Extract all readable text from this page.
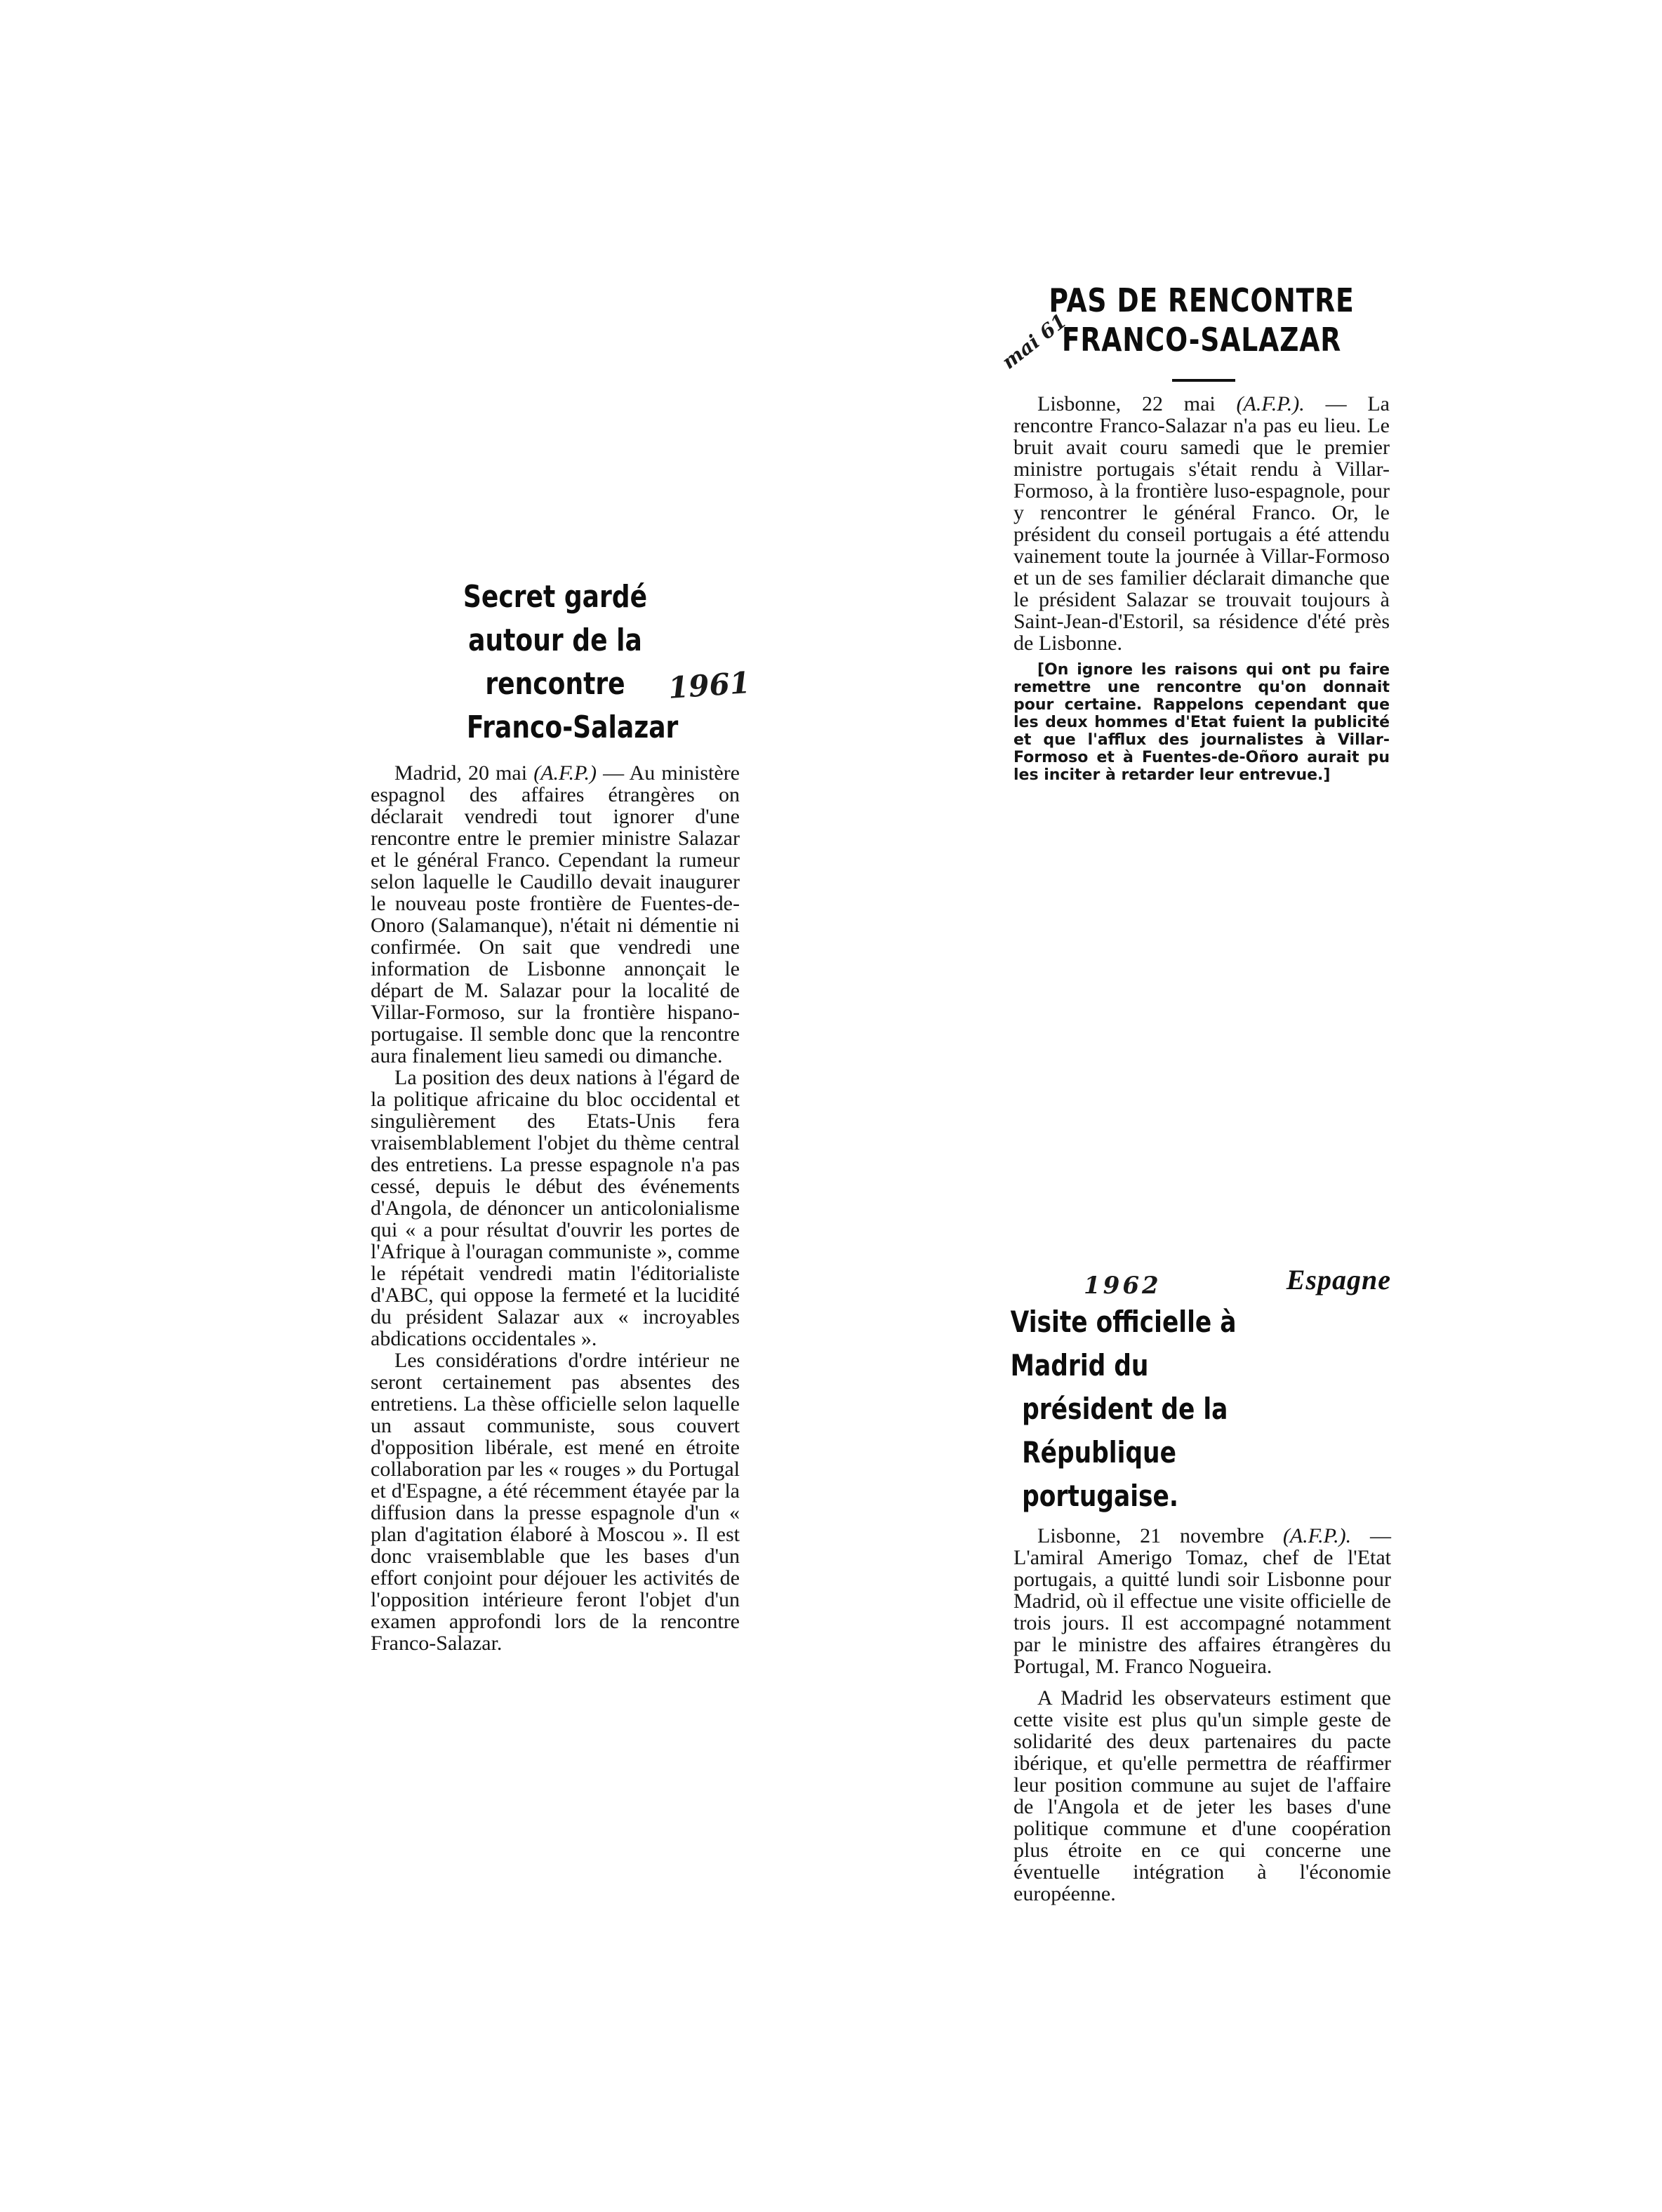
Secret gardé
autour de la rencontre
Franco-Salazar

Madrid, 20 mai (A.F.P.) — Au ministère espagnol des affaires étrangères on déclarait vendredi tout ignorer d'une rencontre entre le premier ministre Salazar et le général Franco. Cependant la rumeur selon laquelle le Caudillo devait inaugurer le nouveau poste frontière de Fuentes-de-Onoro (Salamanque), n'était ni démentie ni confirmée. On sait que vendredi une information de Lisbonne annonçait le départ de M. Salazar pour la localité de Villar-Formoso, sur la frontière hispano-portugaise. Il semble donc que la rencontre aura finalement lieu samedi ou dimanche.

La position des deux nations à l'égard de la politique africaine du bloc occidental et singulièrement des Etats-Unis fera vraisemblablement l'objet du thème central des entretiens. La presse espagnole n'a pas cessé, depuis le début des événements d'Angola, de dénoncer un anticolonialisme qui « a pour résultat d'ouvrir les portes de l'Afrique à l'ouragan communiste », comme le répétait vendredi matin l'éditorialiste d'ABC, qui oppose la fermeté et la lucidité du président Salazar aux « incroyables abdications occidentales ».

Les considérations d'ordre intérieur ne seront certainement pas absentes des entretiens. La thèse officielle selon laquelle un assaut communiste, sous couvert d'opposition libérale, est mené en étroite collaboration par les « rouges » du Portugal et d'Espagne, a été récemment étayée par la diffusion dans la presse espagnole d'un « plan d'agitation élaboré à Moscou ». Il est donc vraisemblable que les bases d'un effort conjoint pour déjouer les activités de l'opposition intérieure feront l'objet d'un examen approfondi lors de la rencontre Franco-Salazar.

1961
PAS DE RENCONTRE
FRANCO-SALAZAR

Lisbonne, 22 mai (A.F.P.). — La rencontre Franco-Salazar n'a pas eu lieu. Le bruit avait couru samedi que le premier ministre portugais s'était rendu à Villar-Formoso, à la frontière luso-espagnole, pour y rencontrer le général Franco. Or, le président du conseil portugais a été attendu vainement toute la journée à Villar-Formoso et un de ses familier déclarait dimanche que le président Salazar se trouvait toujours à Saint-Jean-d'Estoril, sa résidence d'été près de Lisbonne.

[On ignore les raisons qui ont pu faire remettre une rencontre qu'on donnait pour certaine. Rappelons cependant que les deux hommes d'Etat fuient la publicité et que l'afflux des journalistes à Villar-Formoso et à Fuentes-de-Oñoro aurait pu les inciter à retarder leur entrevue.]
mai 61
Espagne
Visite officielle à Madrid du
président de la République
portugaise.

Lisbonne, 21 novembre (A.F.P.). — L'amiral Amerigo Tomaz, chef de l'Etat portugais, a quitté lundi soir Lisbonne pour Madrid, où il effectue une visite officielle de trois jours. Il est accompagné notamment par le ministre des affaires étrangères du Portugal, M. Franco Nogueira.

A Madrid les observateurs estiment que cette visite est plus qu'un simple geste de solidarité des deux partenaires du pacte ibérique, et qu'elle permettra de réaffirmer leur position commune au sujet de l'affaire de l'Angola et de jeter les bases d'une politique commune et d'une coopération plus étroite en ce qui concerne une éventuelle intégration à l'économie européenne.

1962
